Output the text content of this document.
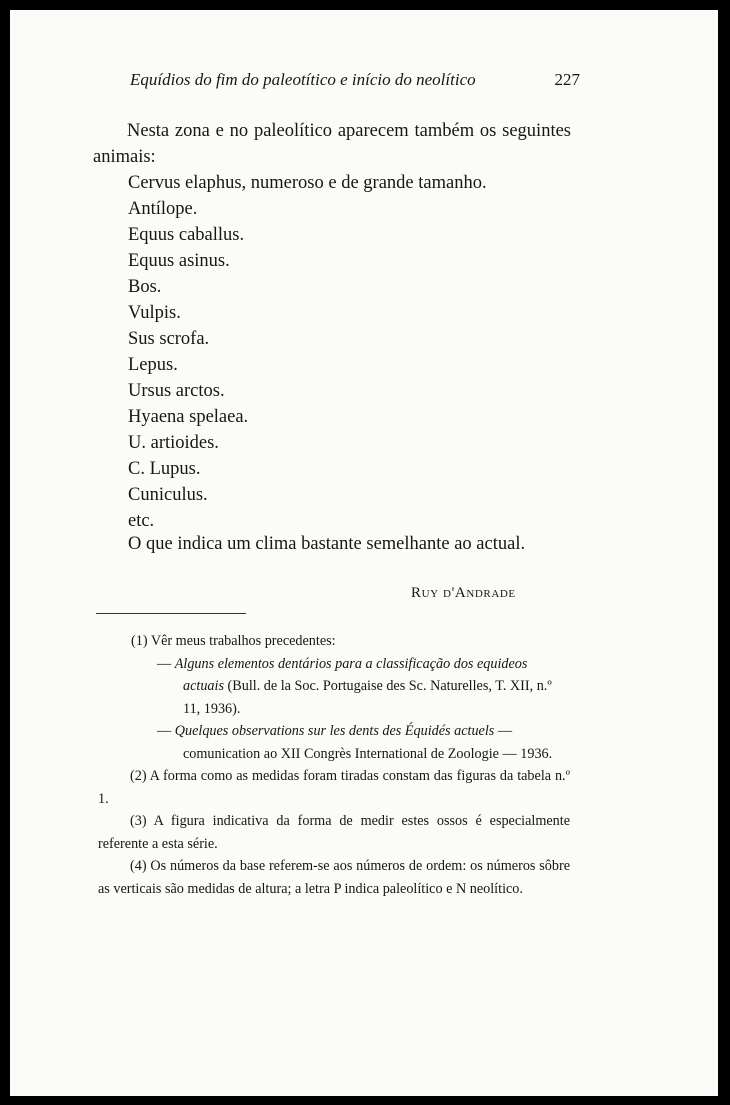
Equídios do fim do paleotítico e início do neolítico	227

Nesta zona e no paleolítico aparecem também os seguintes animais:

Cervus elaphus, numeroso e de grande tamanho.
Antílope.
Equus caballus.
Equus asinus.
Bos.
Vulpis.
Sus scrofa.
Lepus.
Ursus arctos.
Hyaena spelaea.
U. artioides.
C. Lupus.
Cuniculus.
etc.
O que indica um clima bastante semelhante ao actual.
Ruy d'Andrade

(1) Vêr meus trabalhos precedentes:

— Alguns elementos dentários para a classificação dos equideos actuais (Bull. de la Soc. Portugaise des Sc. Naturelles, T. XII, n.º 11, 1936).

— Quelques observations sur les dents des Équidés actuels — comunication ao XII Congrès International de Zoologie — 1936.

(2) A forma como as medidas foram tiradas constam das figuras da tabela n.º 1.

(3) A figura indicativa da forma de medir estes ossos é especialmente referente a esta série.

(4) Os números da base referem-se aos números de ordem: os números sôbre as verticais são medidas de altura; a letra P indica paleolítico e N neolítico.
